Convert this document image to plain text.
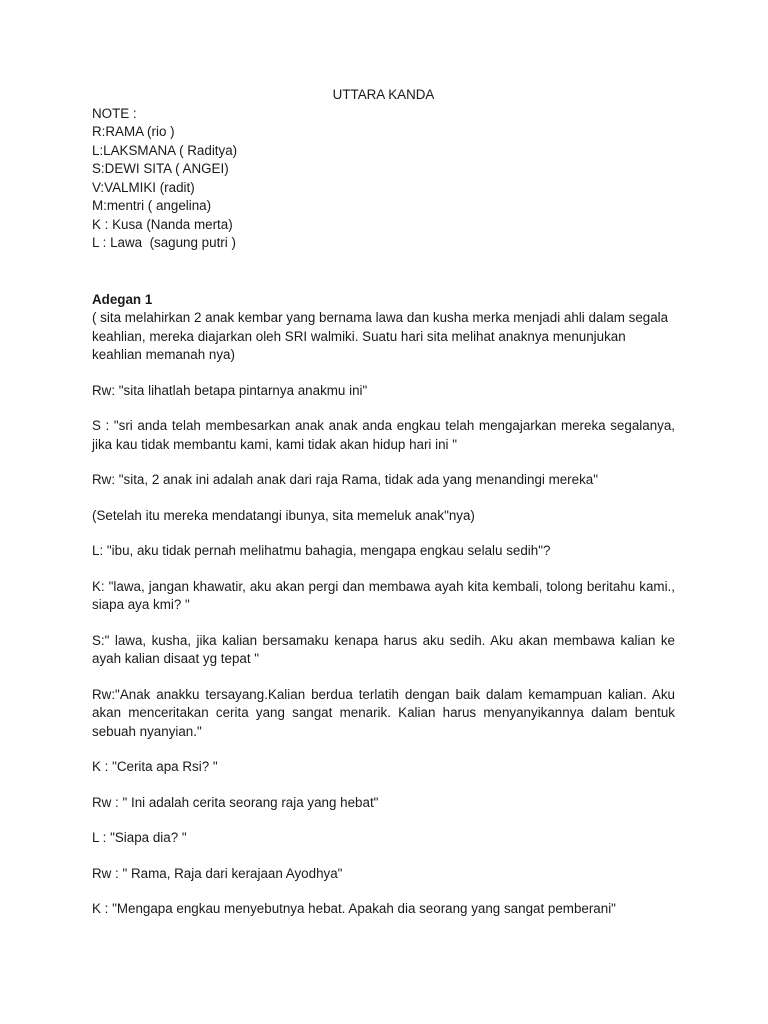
UTTARA KANDA

NOTE :

R:RAMA (rio )

L:LAKSMANA ( Raditya)

S:DEWI SITA ( ANGEI)

V:VALMIKI (radit)

M:mentri ( angelina)

K : Kusa (Nanda merta)

L : Lawa  (sagung putri )

Adegan 1

( sita melahirkan 2 anak kembar yang bernama lawa dan kusha merka menjadi ahli dalam segala keahlian, mereka diajarkan oleh SRI walmiki. Suatu hari sita melihat anaknya menunjukan keahlian memanah nya)

Rw: "sita lihatlah betapa pintarnya anakmu ini"

S : "sri anda telah membesarkan anak anak anda engkau telah mengajarkan mereka segalanya, jika kau tidak membantu kami, kami tidak akan hidup hari ini "

Rw: "sita, 2 anak ini adalah anak dari raja Rama, tidak ada yang menandingi mereka"

(Setelah itu mereka mendatangi ibunya, sita memeluk anak"nya)

L: "ibu, aku tidak pernah melihatmu bahagia, mengapa engkau selalu sedih"?

K: "lawa, jangan khawatir, aku akan pergi dan membawa ayah kita kembali, tolong beritahu kami., siapa aya kmi? "

S:" lawa, kusha, jika kalian bersamaku kenapa harus aku sedih. Aku akan membawa kalian ke ayah kalian disaat yg tepat "

Rw:"Anak anakku tersayang.Kalian berdua terlatih dengan baik dalam kemampuan kalian. Aku akan menceritakan cerita yang sangat menarik. Kalian harus menyanyikannya dalam bentuk sebuah nyanyian."

K : "Cerita apa Rsi? "

Rw : " Ini adalah cerita seorang raja yang hebat"

L : "Siapa dia? "

Rw : " Rama, Raja dari kerajaan Ayodhya"

K : "Mengapa engkau menyebutnya hebat. Apakah dia seorang yang sangat pemberani"
